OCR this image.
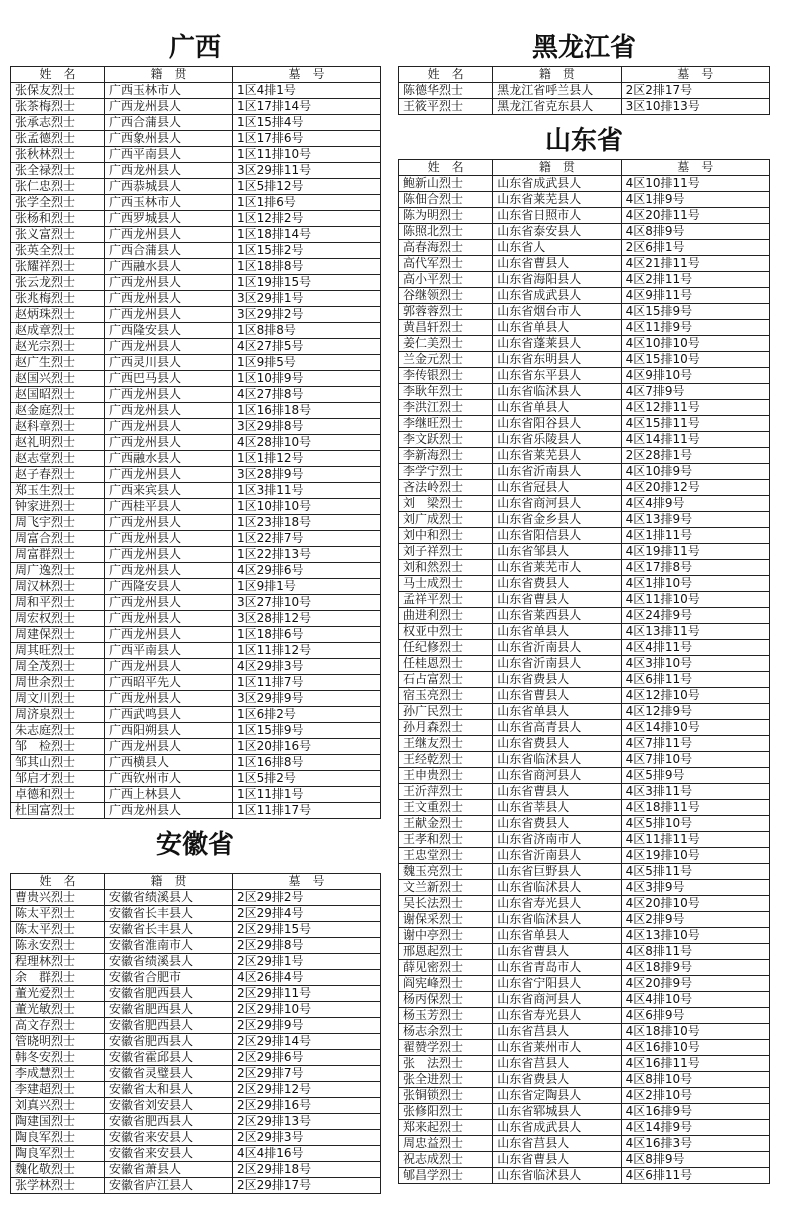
广西
姓　名	籍　贯	墓　号
张保友烈士	广西玉林市人	1区4排1号
张茶梅烈士	广西龙州县人	1区17排14号
张承志烈士	广西合蒲县人	1区15排4号
张孟德烈士	广西象州县人	1区17排6号
张秋林烈士	广西平南县人	1区11排10号
张全禄烈士	广西龙州县人	3区29排11号
张仁忠烈士	广西恭城县人	1区5排12号
张学全烈士	广西玉林市人	1区1排6号
张杨和烈士	广西罗城县人	1区12排2号
张义富烈士	广西龙州县人	1区18排14号
张英全烈士	广西合蒲县人	1区15排2号
张耀祥烈士	广西融水县人	1区18排8号
张云龙烈士	广西龙州县人	1区19排15号
张兆梅烈士	广西龙州县人	3区29排1号
赵炳珠烈士	广西龙州县人	3区29排2号
赵成章烈士	广西隆安县人	1区8排8号
赵光宗烈士	广西龙州县人	4区27排5号
赵广生烈士	广西灵川县人	1区9排5号
赵国兴烈士	广西巴马县人	1区10排9号
赵国昭烈士	广西龙州县人	4区27排8号
赵金庭烈士	广西龙州县人	1区16排18号
赵科章烈士	广西龙州县人	3区29排8号
赵礼明烈士	广西龙州县人	4区28排10号
赵志堂烈士	广西融水县人	1区1排12号
赵子春烈士	广西龙州县人	3区28排9号
郑玉生烈士	广西来宾县人	1区3排11号
钟家进烈士	广西桂平县人	1区10排10号
周飞宇烈士	广西龙州县人	1区23排18号
周富合烈士	广西龙州县人	1区22排7号
周富群烈士	广西龙州县人	1区22排13号
周广逸烈士	广西龙州县人	4区29排6号
周汉林烈士	广西隆安县人	1区9排1号
周和平烈士	广西龙州县人	3区27排10号
周宏权烈士	广西龙州县人	3区28排12号
周建保烈士	广西龙州县人	1区18排6号
周其旺烈士	广西平南县人	1区11排12号
周全茂烈士	广西龙州县人	4区29排3号
周世余烈士	广西昭平先人	1区11排7号
周文川烈士	广西龙州县人	3区29排9号
周济泉烈士	广西武鸣县人	1区6排2号
朱志庭烈士	广西阳朔县人	1区15排9号
邹　检烈士	广西龙州县人	1区20排16号
邹其山烈士	广西横县人	1区16排8号
邹启才烈士	广西钦州市人	1区5排2号
卓德和烈士	广西上林县人	1区11排1号
杜国富烈士	广西龙州县人	1区11排17号
安徽省
姓　名	籍　贯	墓　号
曹贵兴烈士	安徽省绩溪县人	2区29排2号
陈太平烈士	安徽省长丰县人	2区29排4号
陈太平烈士	安徽省长丰县人	2区29排15号
陈永安烈士	安徽省淮南市人	2区29排8号
程理林烈士	安徽省绩溪县人	2区29排1号
余　群烈士	安徽省合肥市	4区26排4号
董光爱烈士	安徽省肥西县人	2区29排11号
董光敏烈士	安徽省肥西县人	2区29排10号
高文存烈士	安徽省肥西县人	2区29排9号
管晓明烈士	安徽省肥西县人	2区29排14号
韩冬安烈士	安徽省霍邱县人	2区29排6号
李成慧烈士	安徽省灵璧县人	2区29排7号
李建超烈士	安徽省太和县人	2区29排12号
刘真兴烈士	安徽省刘安县人	2区29排16号
陶建国烈士	安徽省肥西县人	2区29排13号
陶良军烈士	安徽省来安县人	2区29排3号
陶良军烈士	安徽省来安县人	4区4排16号
魏化敬烈士	安徽省萧县人	2区29排18号
张学林烈士	安徽省庐江县人	2区29排17号
黑龙江省
姓　名	籍　贯	墓　号
陈德华烈士	黑龙江省呼兰县人	2区2排17号
王筱平烈士	黑龙江省克东县人	3区10排13号
山东省
姓　名	籍　贯	墓　号
鲍新山烈士	山东省成武县人	4区10排11号
陈佃合烈士	山东省莱芜县人	4区1排9号
陈为明烈士	山东省日照市人	4区20排11号
陈照北烈士	山东省泰安县人	4区8排9号
高春海烈士	山东省人	2区6排1号
高代军烈士	山东省曹县人	4区21排11号
高小平烈士	山东省海阳县人	4区2排11号
谷继领烈士	山东省成武县人	4区9排11号
郭蓉蓉烈士	山东省烟台市人	4区15排9号
黄昌轩烈士	山东省单县人	4区11排9号
姜仁美烈士	山东省蓬莱县人	4区10排10号
兰金元烈士	山东省东明县人	4区15排10号
李传银烈士	山东省东平县人	4区9排10号
李耿年烈士	山东省临沭县人	4区7排9号
李洪江烈士	山东省单县人	4区12排11号
李继旺烈士	山东省阳谷县人	4区15排11号
李文跃烈士	山东省乐陵县人	4区14排11号
李新海烈士	山东省莱芜县人	2区28排1号
李学宁烈士	山东省沂南县人	4区10排9号
吝法岭烈士	山东省冠县人	4区20排12号
刘　梁烈士	山东省商河县人	4区4排9号
刘广成烈士	山东省金乡县人	4区13排9号
刘中和烈士	山东省阳信县人	4区1排11号
刘子祥烈士	山东省邹县人	4区19排11号
刘和然烈士	山东省莱芜市人	4区17排8号
马士成烈士	山东省费县人	4区1排10号
孟祥平烈士	山东省曹县人	4区11排10号
曲进利烈士	山东省莱西县人	4区24排9号
权亚中烈士	山东省单县人	4区13排11号
任纪修烈士	山东省沂南县人	4区4排11号
任桂恩烈士	山东省沂南县人	4区3排10号
石占富烈士	山东省费县人	4区6排11号
宿玉亮烈士	山东省曹县人	4区12排10号
孙广民烈士	山东省单县人	4区12排9号
孙月森烈士	山东省高青县人	4区14排10号
王继友烈士	山东省费县人	4区7排11号
王经乾烈士	山东省临沭县人	4区7排10号
王申贵烈士	山东省商河县人	4区5排9号
王沂萍烈士	山东省曹县人	4区3排11号
王文重烈士	山东省莘县人	4区18排11号
王献金烈士	山东省费县人	4区5排10号
王孝和烈士	山东省济南市人	4区11排11号
王忠堂烈士	山东省沂南县人	4区19排10号
魏玉亮烈士	山东省巨野县人	4区5排11号
文兰新烈士	山东省临沭县人	4区3排9号
吴长法烈士	山东省寿光县人	4区20排10号
谢保采烈士	山东省临沭县人	4区2排9号
谢中亭烈士	山东省单县人	4区13排10号
邢恩起烈士	山东省曹县人	4区8排11号
薛见密烈士	山东省青岛市人	4区18排9号
阎宪峰烈士	山东省宁阳县人	4区20排9号
杨丙保烈士	山东省商河县人	4区4排10号
杨玉芳烈士	山东省寿光县人	4区6排9号
杨志余烈士	山东省莒县人	4区18排10号
翟赞学烈士	山东省莱州市人	4区16排10号
张　法烈士	山东省莒县人	4区16排11号
张全进烈士	山东省费县人	4区8排10号
张铜锁烈士	山东省定陶县人	4区2排10号
张修阳烈士	山东省郓城县人	4区16排9号
郑来起烈士	山东省成武县人	4区14排9号
周忠益烈士	山东省莒县人	4区16排3号
祝志成烈士	山东省曹县人	4区8排9号
郇昌学烈士	山东省临沭县人	4区6排11号
